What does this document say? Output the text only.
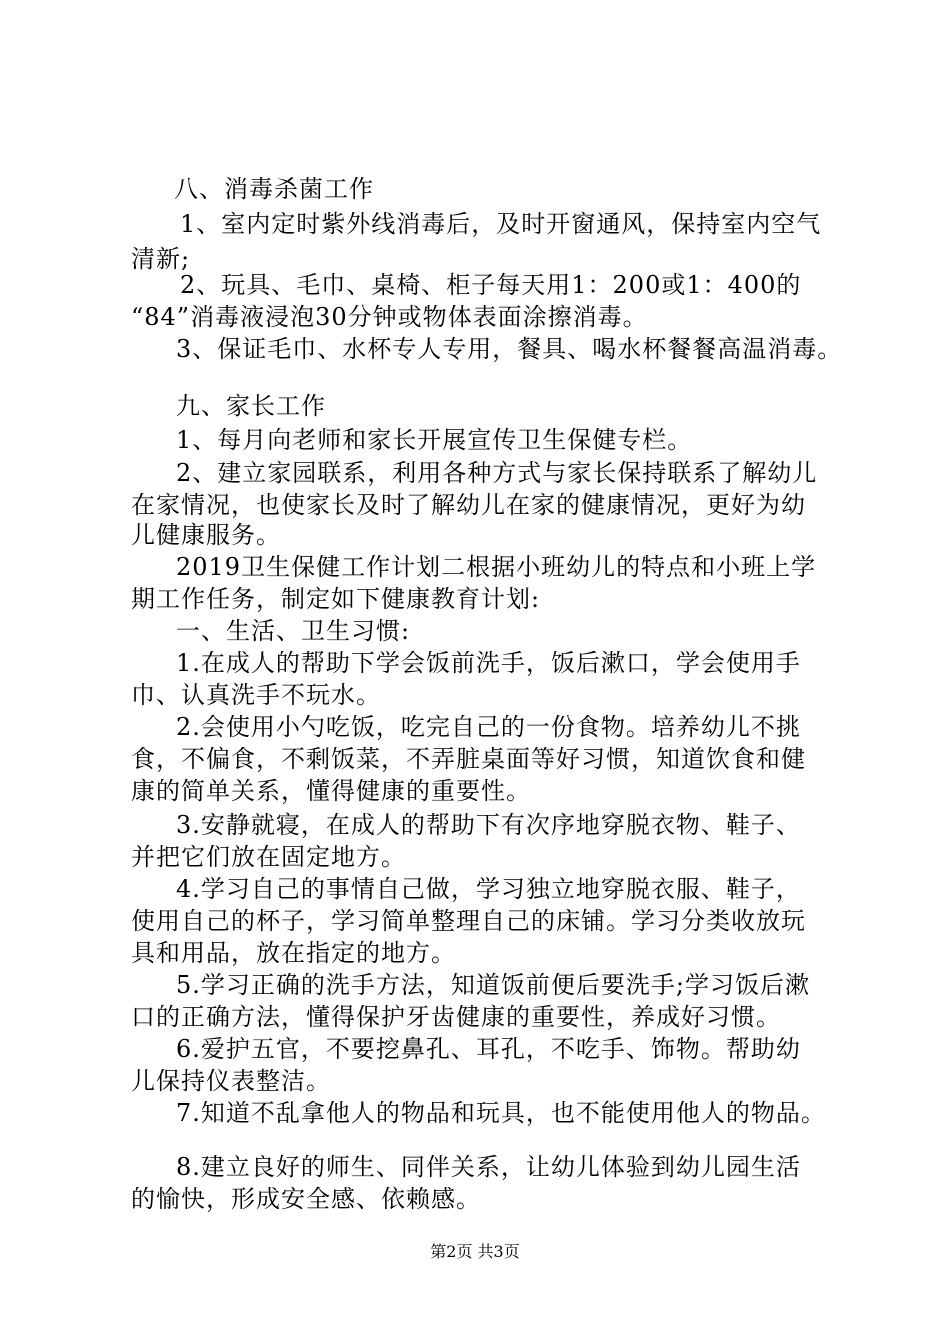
八、消毒杀菌工作
1、室内定时紫外线消毒后，及时开窗通风，保持室内空气
清新;
2、玩具、毛巾、桌椅、柜子每天用1：200或1：400的
“84”消毒液浸泡30分钟或物体表面涂擦消毒。
3、保证毛巾、水杯专人专用，餐具、喝水杯餐餐高温消毒。
九、家长工作
1、每月向老师和家长开展宣传卫生保健专栏。
2、建立家园联系，利用各种方式与家长保持联系了解幼儿
在家情况，也使家长及时了解幼儿在家的健康情况，更好为幼
儿健康服务。
2019卫生保健工作计划二根据小班幼儿的特点和小班上学
期工作任务，制定如下健康教育计划:
一、生活、卫生习惯:
1.在成人的帮助下学会饭前洗手，饭后漱口，学会使用手
巾、认真洗手不玩水。
2.会使用小勺吃饭，吃完自己的一份食物。培养幼儿不挑
食，不偏食，不剩饭菜，不弄脏桌面等好习惯，知道饮食和健
康的简单关系，懂得健康的重要性。
3.安静就寝，在成人的帮助下有次序地穿脱衣物、鞋子、
并把它们放在固定地方。
4.学习自己的事情自己做，学习独立地穿脱衣服、鞋子，
使用自己的杯子，学习简单整理自己的床铺。学习分类收放玩
具和用品，放在指定的地方。
5.学习正确的洗手方法，知道饭前便后要洗手;学习饭后漱
口的正确方法，懂得保护牙齿健康的重要性，养成好习惯。
6.爱护五官，不要挖鼻孔、耳孔，不吃手、饰物。帮助幼
儿保持仪表整洁。
7.知道不乱拿他人的物品和玩具，也不能使用他人的物品。
8.建立良好的师生、同伴关系，让幼儿体验到幼儿园生活
的愉快，形成安全感、依赖感。
第2页 共3页
